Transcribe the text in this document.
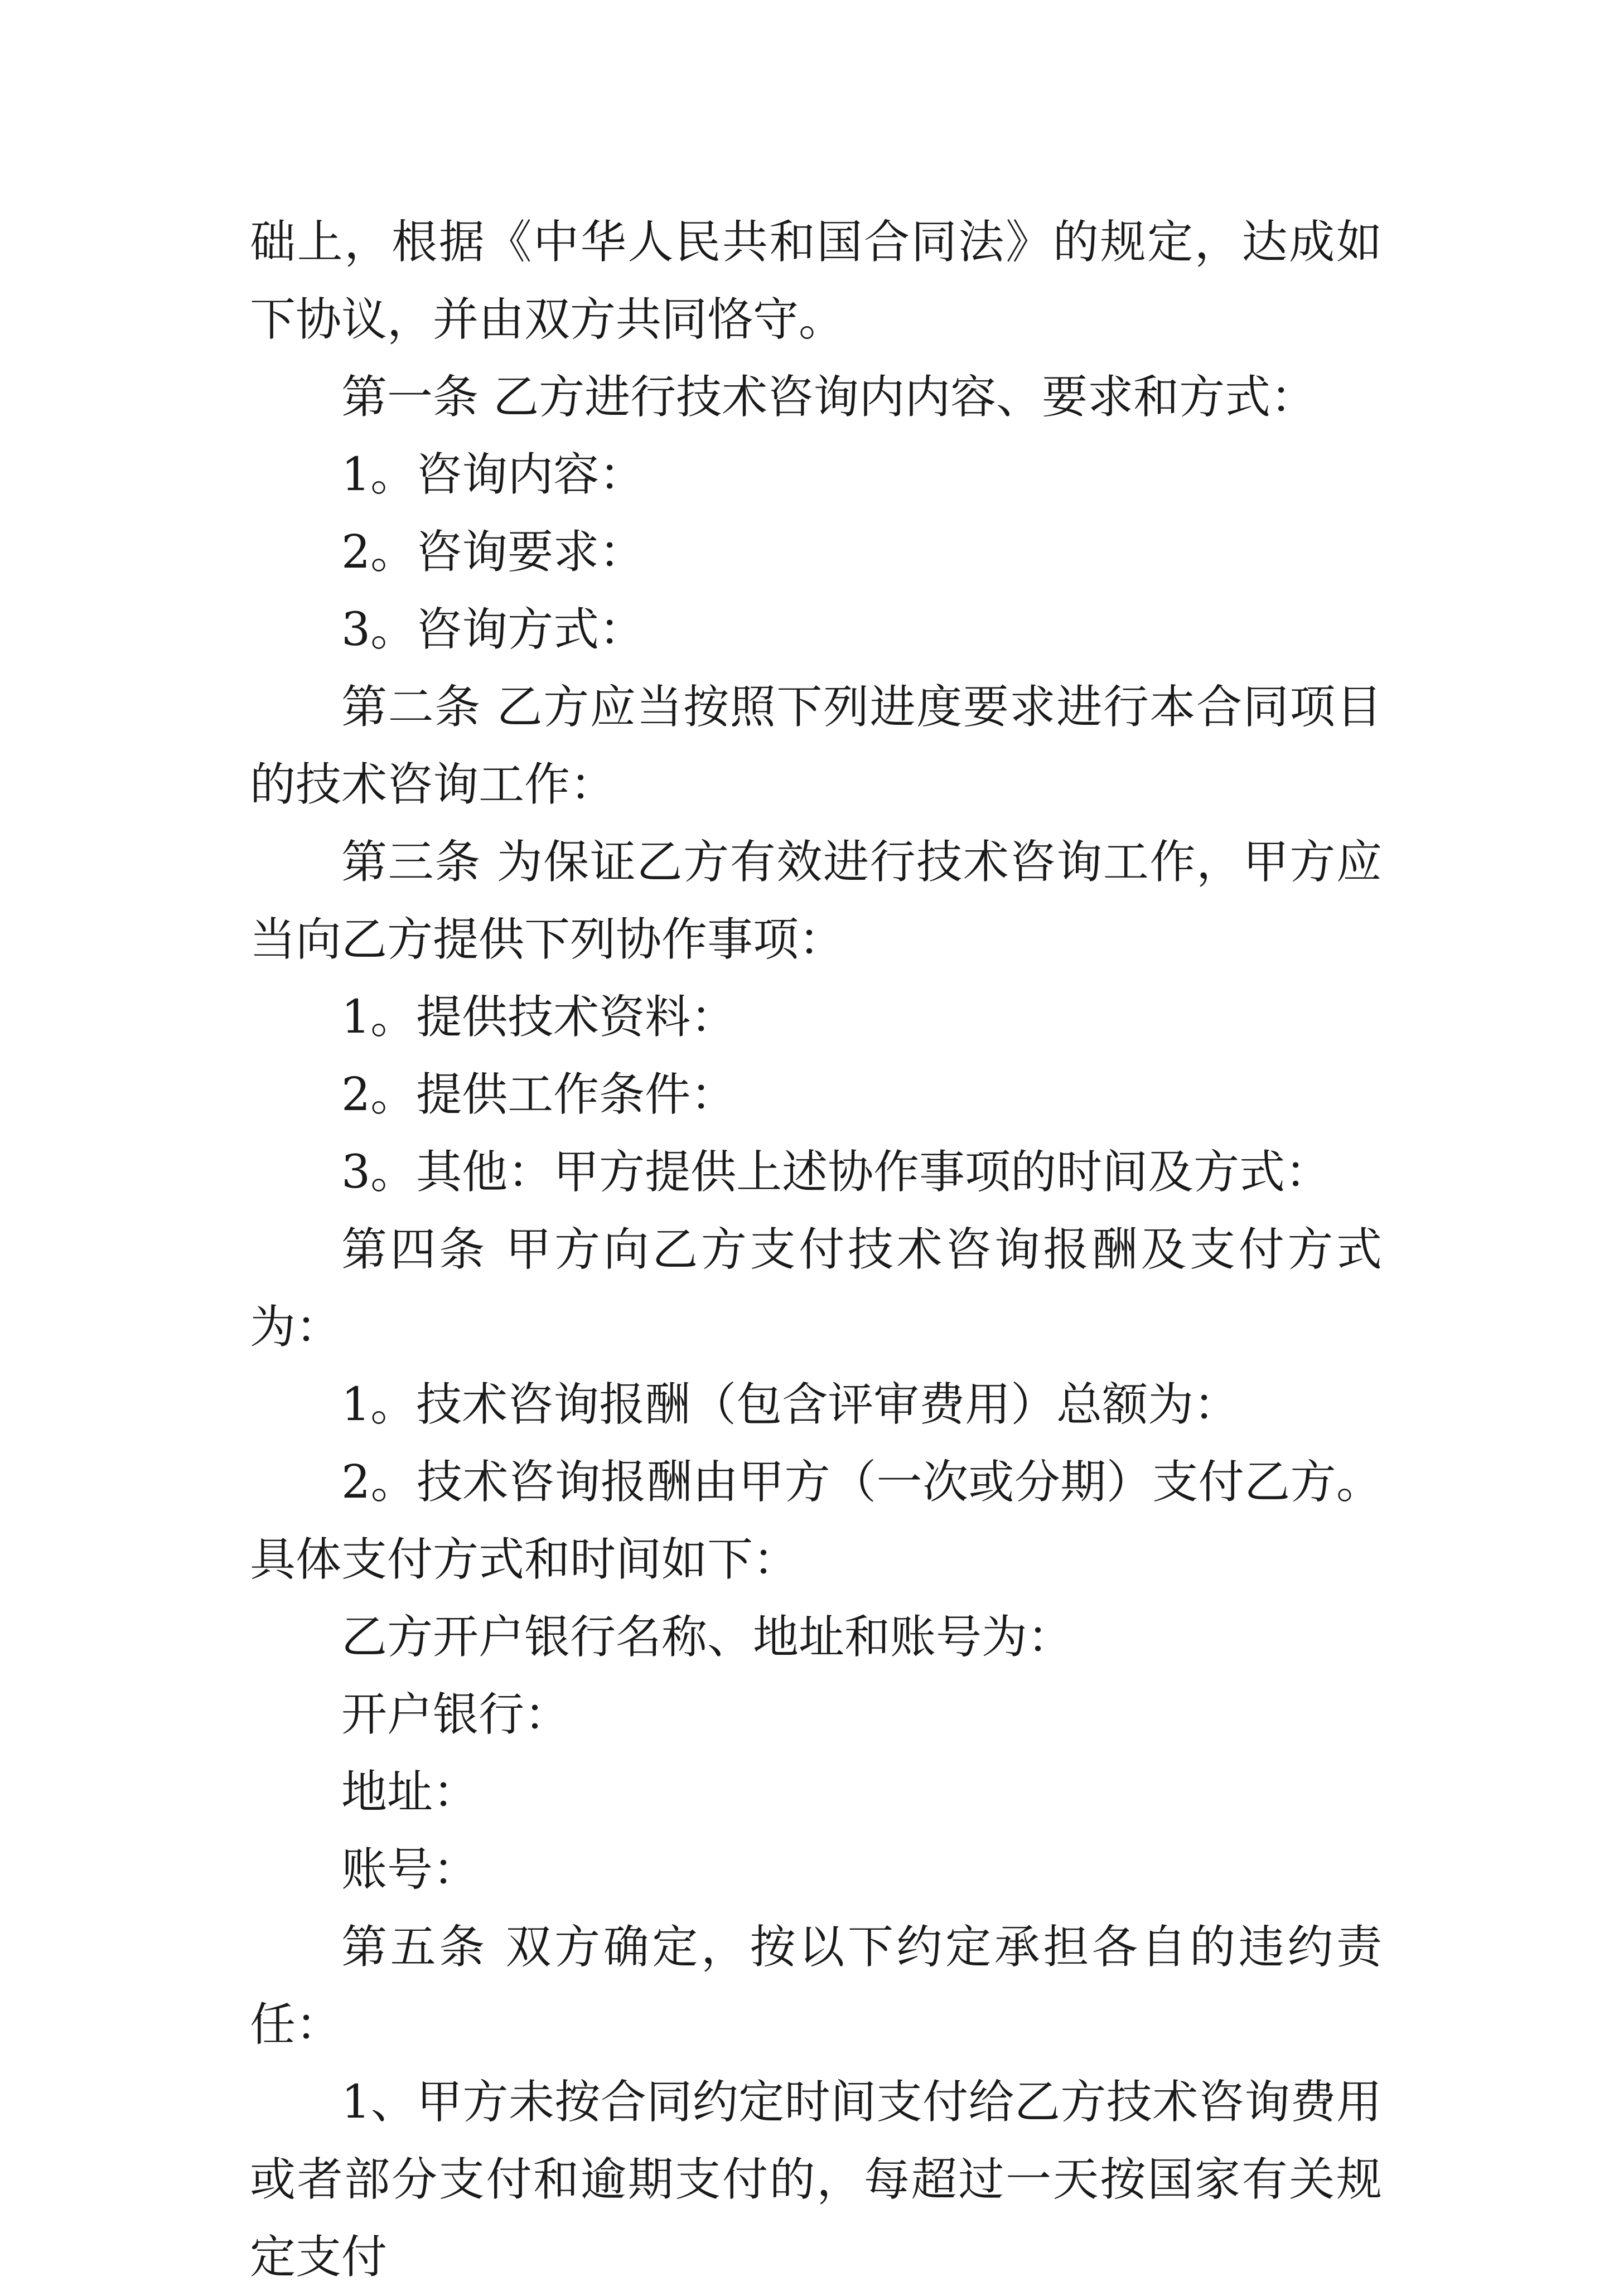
础上，根据《中华人民共和国合同法》的规定，达成如下协议，并由双方共同恪守。

第一条 乙方进行技术咨询内内容、要求和方式：

1。咨询内容：

2。咨询要求：

3。咨询方式：

第二条 乙方应当按照下列进度要求进行本合同项目的技术咨询工作：

第三条 为保证乙方有效进行技术咨询工作，甲方应当向乙方提供下列协作事项：

1。提供技术资料：

2。提供工作条件：

3。其他：甲方提供上述协作事项的时间及方式：

第四条 甲方向乙方支付技术咨询报酬及支付方式为：

1。技术咨询报酬（包含评审费用）总额为：

2。技术咨询报酬由甲方（一次或分期）支付乙方。 具体支付方式和时间如下：

乙方开户银行名称、地址和账号为：

开户银行：

地址：

账号：

第五条 双方确定，按以下约定承担各自的违约责任：

1、甲方未按合同约定时间支付给乙方技术咨询费用或者部分支付和逾期支付的，每超过一天按国家有关规定支付
